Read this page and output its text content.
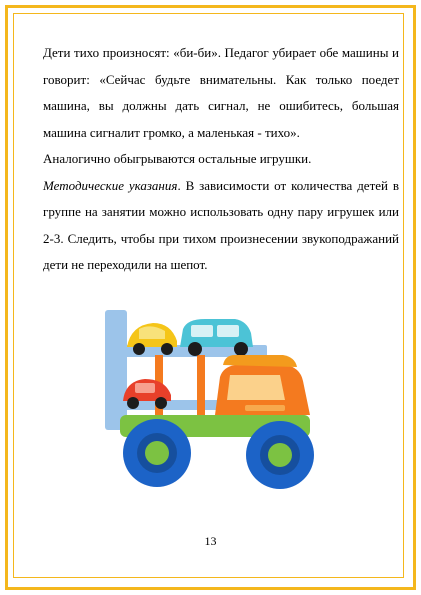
Дети тихо произносят: «би-би». Педагог убирает обе машины и говорит: «Сейчас будьте внимательны. Как только поедет машина, вы должны дать сигнал, не ошибитесь, большая машина сигналит громко, а маленькая - тихо».

Аналогично обыгрываются остальные игрушки.

Методические указания. В зависимости от количества детей в группе на занятии можно использовать одну пару игрушек или 2-3. Следить, чтобы при тихом произнесении звукоподражаний дети не переходили на шепот.

13
